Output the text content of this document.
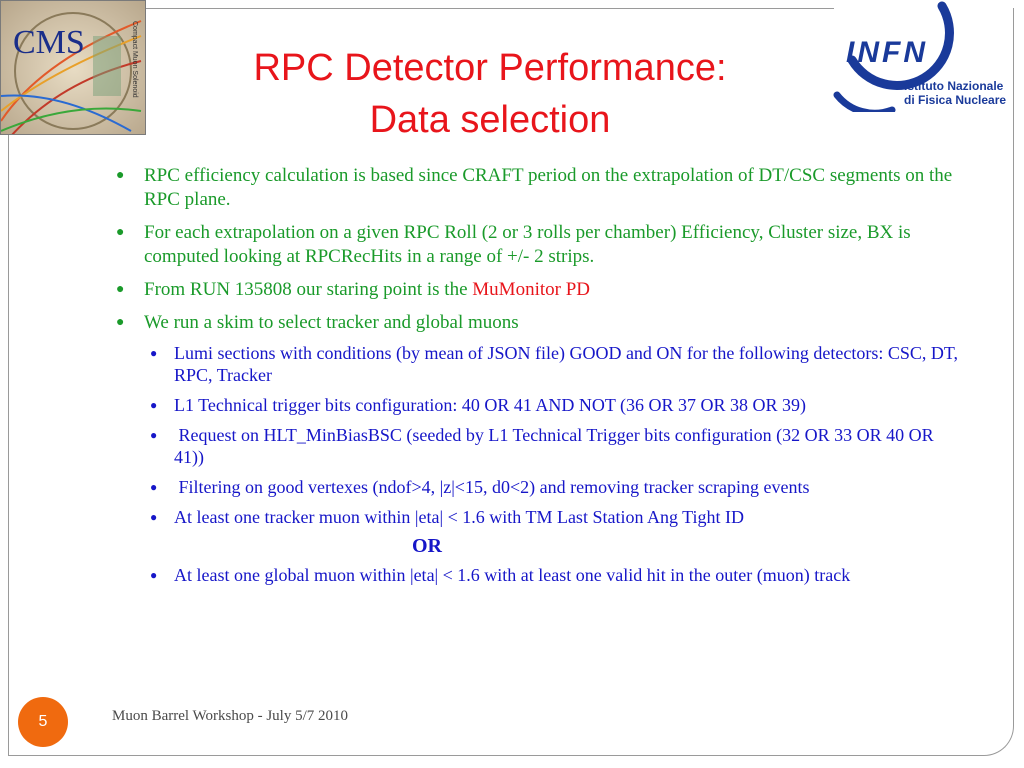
CMS	Compact Muon Solenoid	INFN
Istituto Nazionale
di Fisica Nucleare
RPC Detector Performance:
Data selection
● RPC efficiency calculation is based since CRAFT period on the extrapolation of DT/CSC segments on the RPC plane.
● For each extrapolation on a given RPC Roll (2 or 3 rolls per chamber) Efficiency, Cluster size, BX is computed looking at RPCRecHits in a range of +/- 2 strips.
● From RUN 135808 our staring point is the MuMonitor PD
● We run a skim to select tracker and global muons
● Lumi sections with conditions (by mean of JSON file) GOOD and ON for the following detectors: CSC, DT, RPC, Tracker
● L1 Technical trigger bits configuration: 40 OR 41 AND NOT (36 OR 37 OR 38 OR 39)
● Request on HLT_MinBiasBSC (seeded by L1 Technical Trigger bits configuration (32 OR 33 OR 40 OR 41))
● Filtering on good vertexes (ndof>4, |z|<15, d0<2) and removing tracker scraping events
● At least one tracker muon within |eta| < 1.6 with TM Last Station Ang Tight ID
OR
● At least one global muon within |eta| < 1.6 with at least one valid hit in the outer (muon) track
5	Muon Barrel Workshop - July 5/7 2010
